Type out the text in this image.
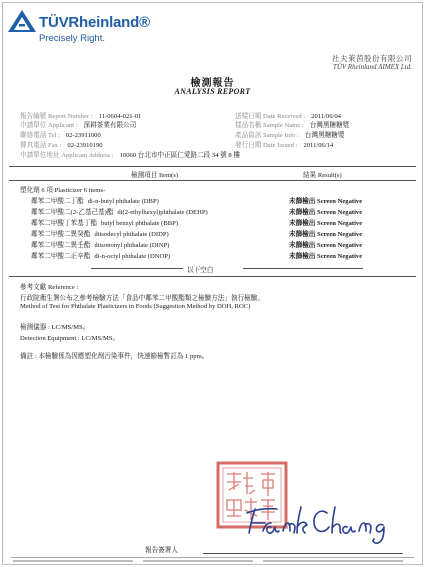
TÜVRheinland®
Precisely Right.
社夫萊茵股份有限公司
TÜV Rheinland AIMEX Ltd.
檢測報告
ANALYSIS REPORT
報告編號 Report Number : 11-0604-021-01
申請單位 Applicant : 深耕茶業有限公司
聯絡電話 Tel : 02-23911000
傳真電話 Fax : 02-23910190
申請單位地址 Applicant Address : 10060 台北市中正區仁愛路二段 34 號 8 樓
送樣日期 Date Received : 2011/06/04
樣品名稱 Sample Name : 台灣黑糖糖漿
產品資訊 Sample Info : 台灣黑糖糖漿
發行日期 Date Issued : 2011/06/14
檢測項目 Item(s)	結果 Result(s)
塑化劑 6 項 Plasticizer 6 items-
鄰苯二甲酸二丁酯 di-n-butyl phthalate (DBP)	未篩檢出 Screen Negative
鄰苯二甲酸二(2-乙基己基)酯 di(2-ethylhexyl)phthalate (DEHP)	未篩檢出 Screen Negative
鄰苯二甲酸丁苯基丁酯 butyl benzyl phthalate (BBP)	未篩檢出 Screen Negative
鄰苯二甲酸二異癸酯 diisodecyl phthalate (DIDP)	未篩檢出 Screen Negative
鄰苯二甲酸二異壬酯 diisononyl phthalate (DINP)	未篩檢出 Screen Negative
鄰苯二甲酸二正辛酯 di-n-octyl phthalate (DNOP)	未篩檢出 Screen Negative
以下空白
參考文獻 Reference :
行政院衛生署公布之參考檢驗方法「食品中鄰苯二甲酸酯類之檢驗方法」執行檢驗。
Method of Test for Phthalate Plasticizers in Foods (Suggestion Method by DOH, ROC)
檢測儀器 : LC/MS/MS。
Detection Equipment : LC/MS/MS。
備註 : 本檢驗係為因應塑化劑污染事件，快速篩檢暫訂為 1 ppm。
報告簽署人
